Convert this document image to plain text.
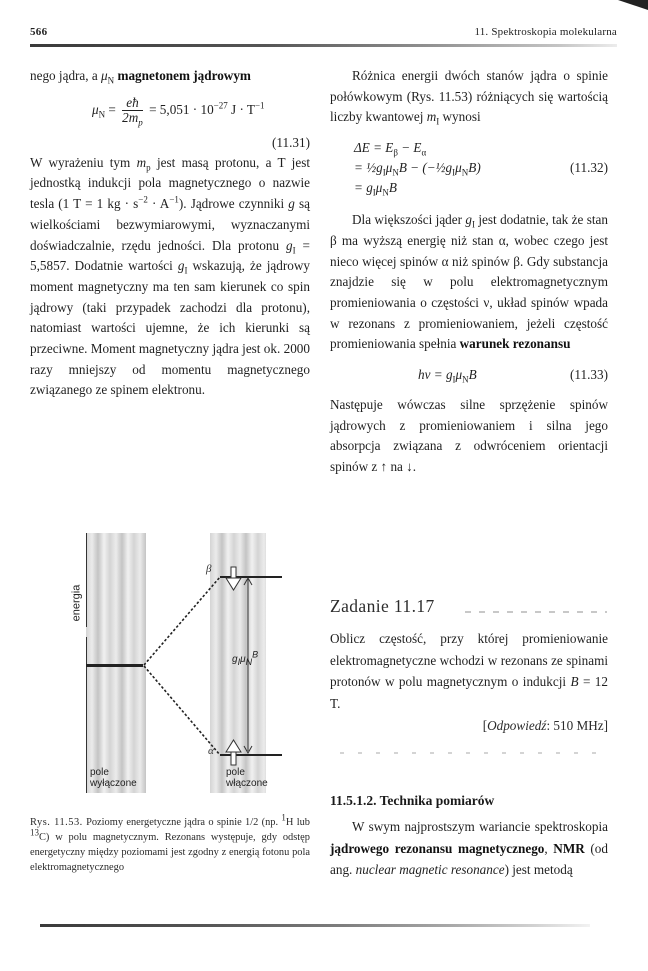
566	11. Spektroskopia molekularna

nego jądra, a $\mu_N$ magnetonem jądrowym

$\mu_N = \frac{eħ}{2m_p} = 5,051 \cdot 10^{-27}$ $J \cdot T^{-1}$
(11.31)

W wyrażeniu tym $m_p$ jest masą protonu, a T jest jednostką indukcji pola magnetycznego o nazwie tesla (1 T = 1 kg · $s^{-2} \cdot A^{-1}$). Jądrowe czynniki g są wielkościami bezwymiarowymi, wyznaczanymi doświadczalnie, rzędu jedności. Dla protonu $g_I = 5,5857$. Dodatnie wartości $g_I$ wskazują, że jądrowy moment magnetyczny ma ten sam kierunek co spin jądrowy (taki przypadek zachodzi dla protonu), natomiast wartości ujemne, że ich kierunki są przeciwne. Moment magnetyczny jądra jest ok. 2000 razy mniejszy od momentu magnetycznego związanego ze spinem elektronu.

energia
β
α
$g_I\mu_N^B$
pole
wyłączone
pole
włączone
Rys. 11.53. Poziomy energetyczne jądra o spinie 1/2 (np. $^1$H lub $^{13}$C) w polu magnetycznym. Rezonans występuje, gdy odstęp energetyczny między poziomami jest zgodny z energią fotonu pola elektromagnetycznego

Różnica energii dwóch stanów jądra o spinie połówkowym (Rys. 11.53) różniących się wartością liczby kwantowej $m_I$ wynosi

$\Delta E = E_\beta - E_\alpha$
= $\frac{1}{2}g_I\mu_NB$ − $(-\frac{1}{2}g_I\mu_NB)$	(11.32)
= $g_I\mu_NB$

Dla większości jąder $g_I$ jest dodatnie, tak że stan β ma wyższą energię niż stan α, wobec czego jest nieco więcej spinów α niż spinów β. Gdy substancja znajdzie się w polu elektromagnetycznym promieniowania o częstości ν, układ spinów wpada w rezonans z promieniowaniem, jeżeli częstość promieniowania spełnia warunek rezonansu

$h\nu = g_I\mu_NB$	(11.33)

Następuje wówczas silne sprzężenie spinów jądrowych z promieniowaniem i silna jego absorpcja związana z odwróceniem orientacji spinów z ↑ na ↓.

Zadanie 11.17
Oblicz częstość, przy której promieniowanie elektromagnetyczne wchodzi w rezonans ze spinami protonów w polu magnetycznym o indukcji B = 12 T.
[Odpowiedź: 510 MHz]
11.5.1.2. Technika pomiarów
W swym najprostszym wariancie spektroskopia jądrowego rezonansu magnetycznego, NMR (od ang. nuclear magnetic resonance) jest metodą
